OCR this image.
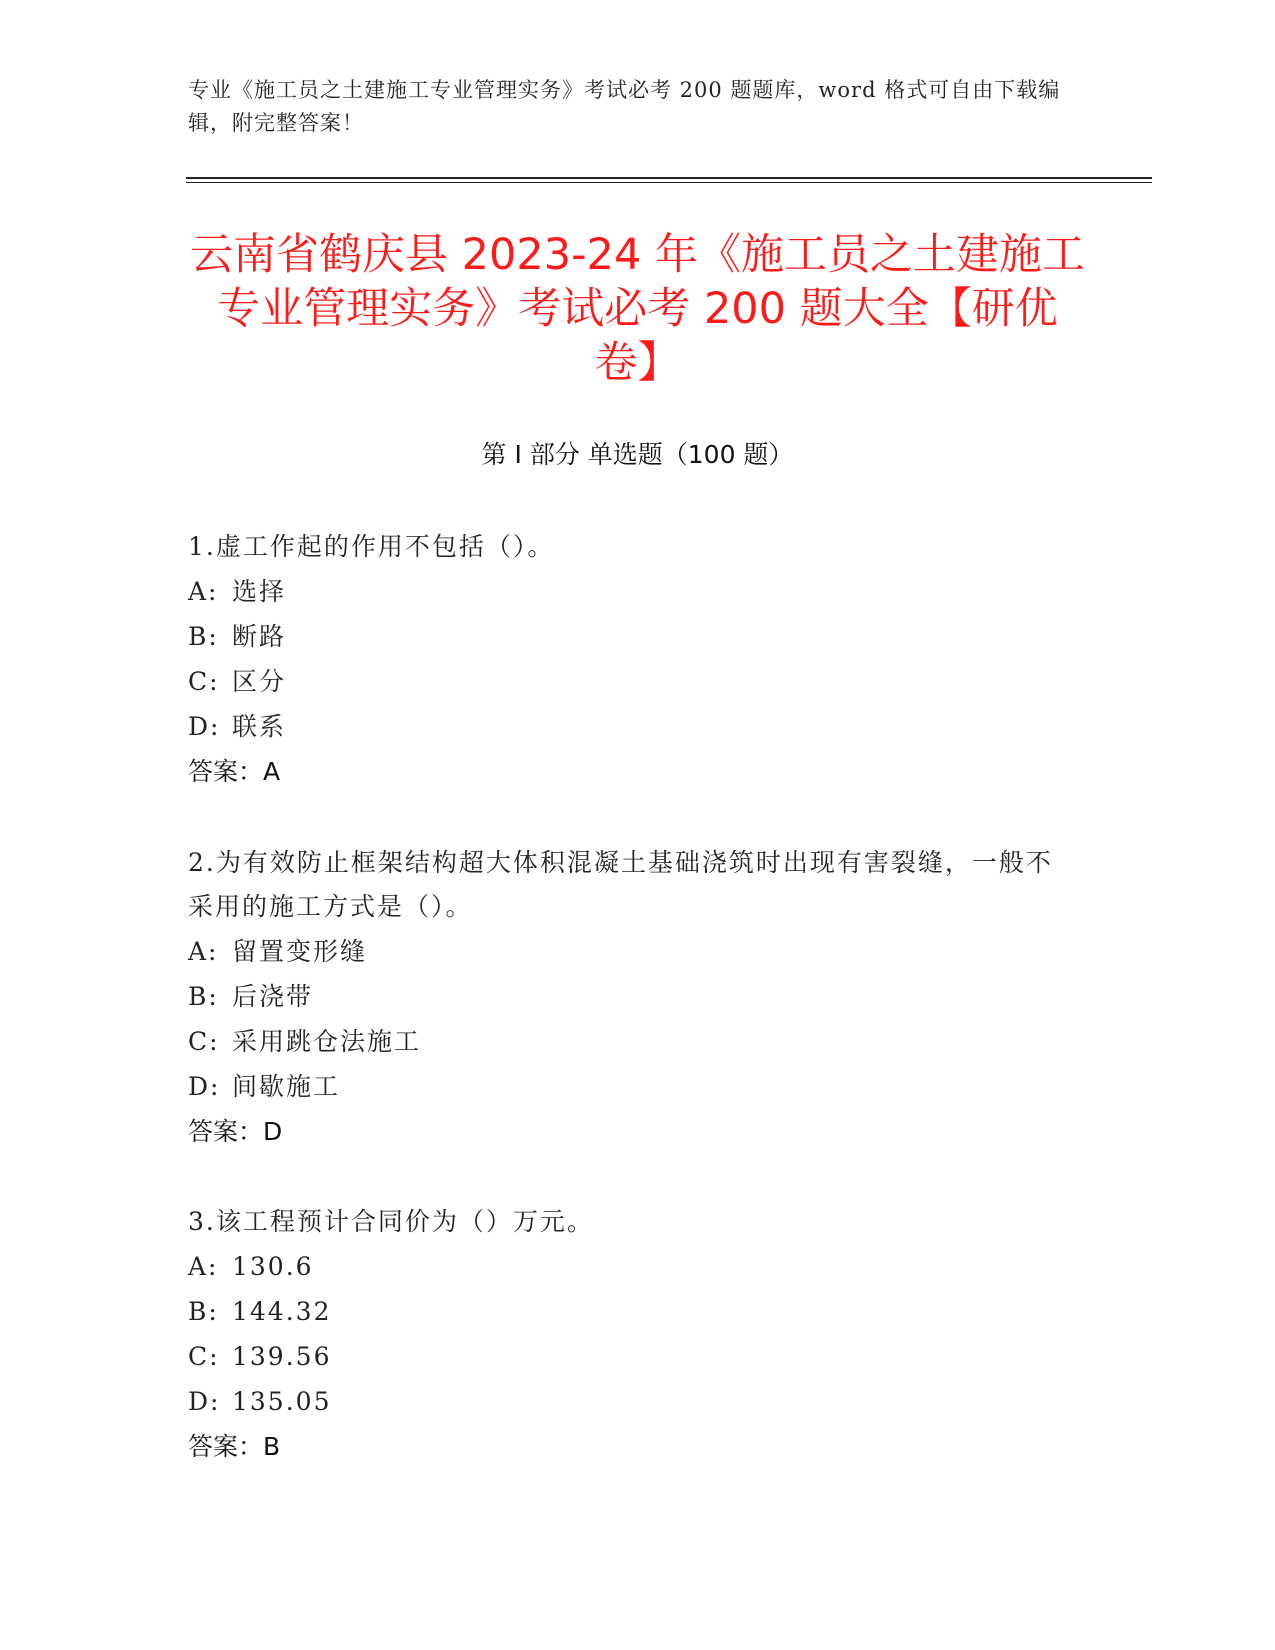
专业《施工员之土建施工专业管理实务》考试必考 200 题题库，word 格式可自由下载编辑，附完整答案！
云南省鹤庆县 2023-24 年《施工员之土建施工专业管理实务》考试必考 200 题大全【研优卷】
第 I 部分 单选题（100 题）
1.虚工作起的作用不包括（）。
A: 选择
B: 断路
C: 区分
D: 联系
答案：A
2.为有效防止框架结构超大体积混凝土基础浇筑时出现有害裂缝，一般不采用的施工方式是（）。
A: 留置变形缝
B: 后浇带
C: 采用跳仓法施工
D: 间歇施工
答案：D
3.该工程预计合同价为（）万元。
A: 130.6
B: 144.32
C: 139.56
D: 135.05
答案：B
